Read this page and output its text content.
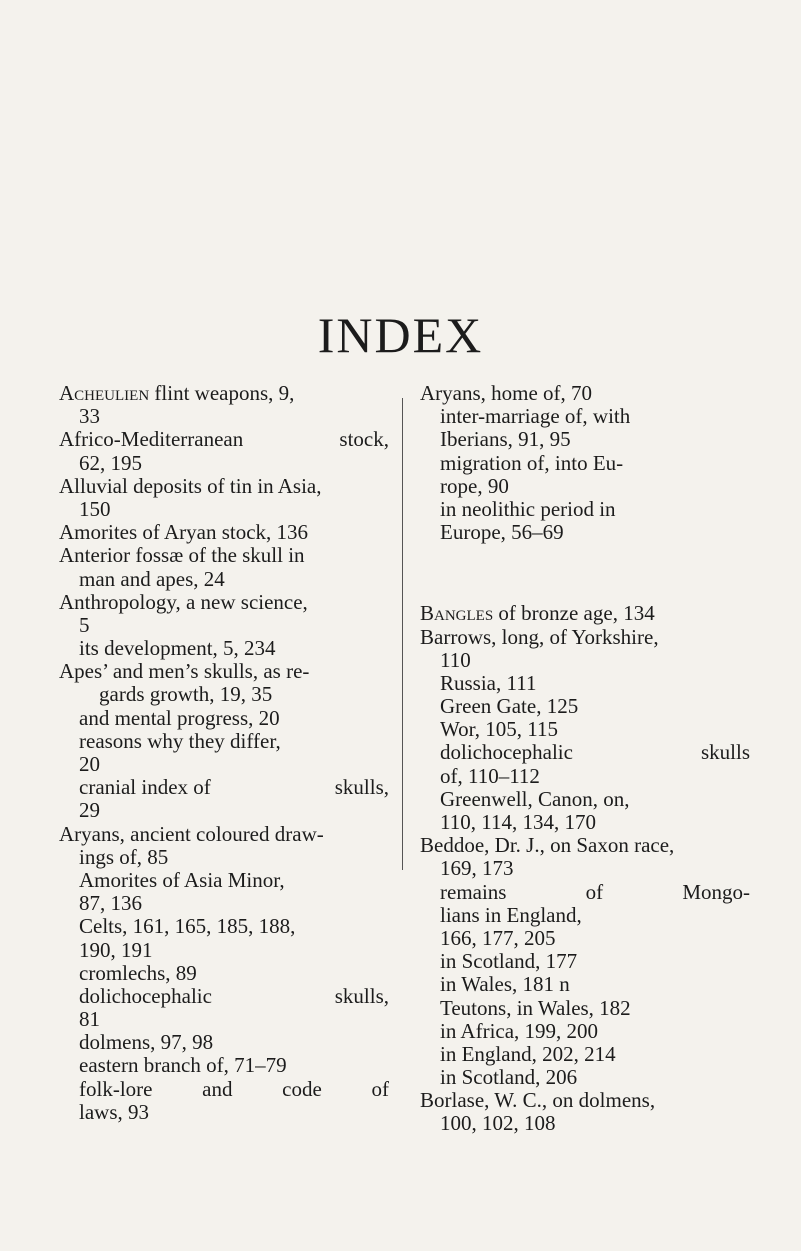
INDEX
Acheulien flint weapons, 9,
33
Africo-Mediterranean	stock,
62, 195
Alluvial deposits of tin in Asia,
150
Amorites of Aryan stock, 136
Anterior fossæ of the skull in
man and apes, 24
Anthropology, a new science,
5
its development, 5, 234
Apes’ and men’s skulls, as re-
gards growth, 19, 35
and mental progress, 20
reasons why they differ,
20
cranial index of	skulls,
29
Aryans, ancient coloured draw-
ings of, 85
Amorites of Asia Minor,
87, 136
Celts, 161, 165, 185, 188,
190, 191
cromlechs, 89
dolichocephalic	skulls,
81
dolmens, 97, 98
eastern branch of, 71–79
folk-lore and code of
laws, 93
Aryans, home of, 70
inter-marriage of, with
Iberians, 91, 95
migration of, into Eu-
rope, 90
in neolithic period in
Europe, 56–69
Bangles of bronze age, 134
Barrows, long, of Yorkshire,
110
Russia, 111
Green Gate, 125
Wor, 105, 115
dolichocephalic	skulls
of, 110–112
Greenwell, Canon, on,
110, 114, 134, 170
Beddoe, Dr. J., on Saxon race,
169, 173
remains	of	Mongo-
lians in England,
166, 177, 205
in Scotland, 177
in Wales, 181 n
Teutons, in Wales, 182
in Africa, 199, 200
in England, 202, 214
in Scotland, 206
Borlase, W. C., on dolmens,
100, 102, 108
